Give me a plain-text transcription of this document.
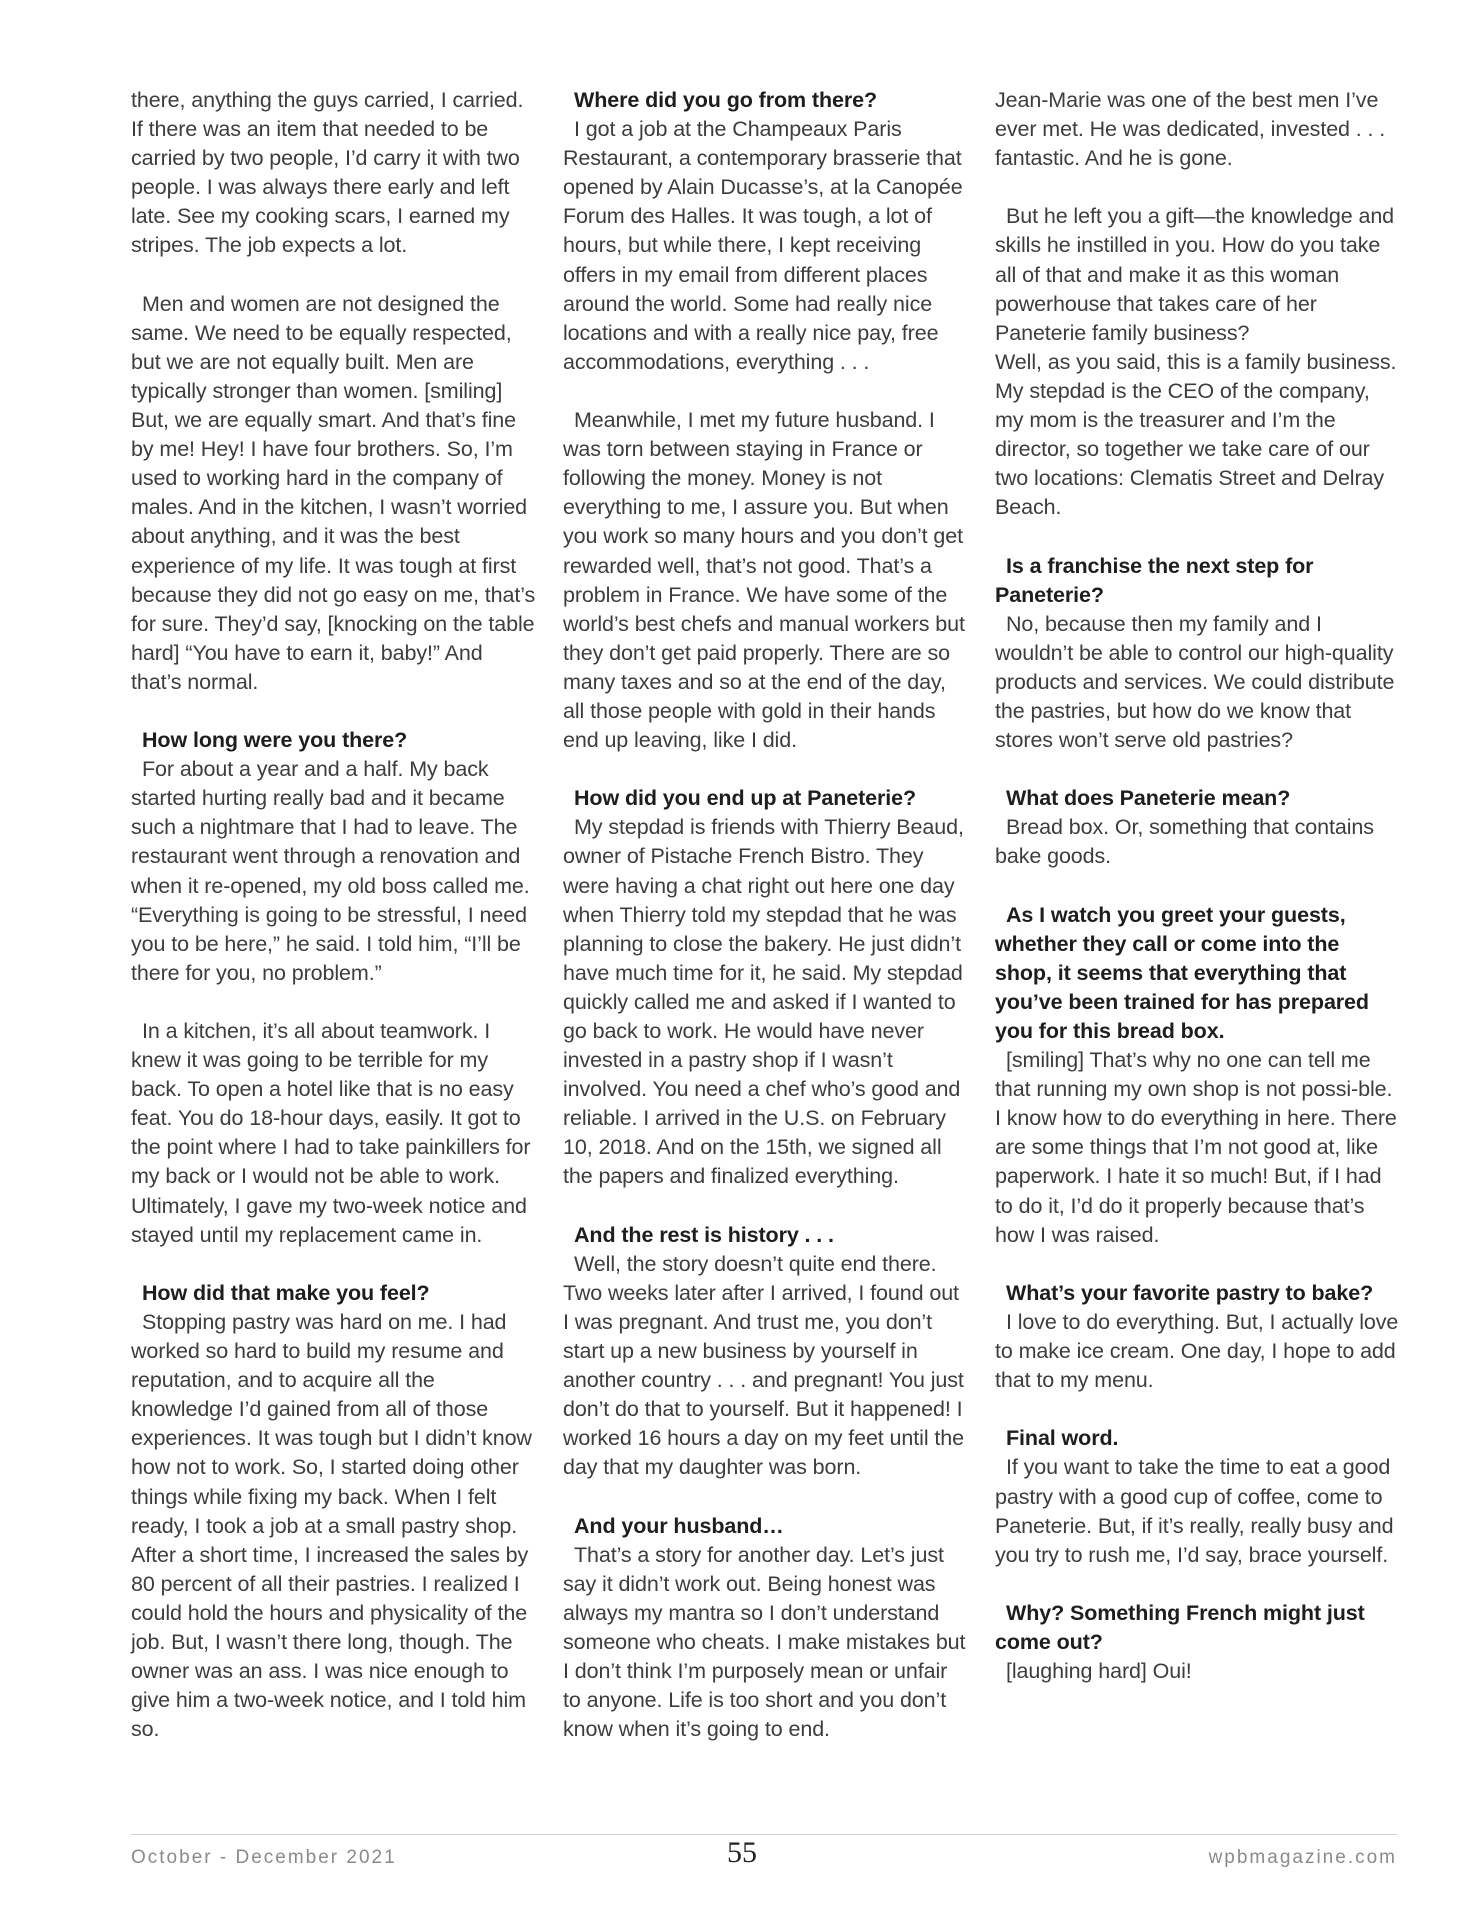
there, anything the guys carried, I carried. If there was an item that needed to be carried by two people, I’d carry it with two people. I was always there early and left late. See my cooking scars, I earned my stripes. The job expects a lot.

Men and women are not designed the same. We need to be equally respected, but we are not equally built. Men are typically stronger than women. [smiling] But, we are equally smart. And that’s fine by me! Hey! I have four brothers. So, I’m used to working hard in the company of males. And in the kitchen, I wasn’t worried about anything, and it was the best experience of my life. It was tough at first because they did not go easy on me, that’s for sure. They’d say, [knocking on the table hard] “You have to earn it, baby!” And that’s normal.

How long were you there?

For about a year and a half. My back started hurting really bad and it became such a nightmare that I had to leave. The restaurant went through a renovation and when it re-opened, my old boss called me. “Everything is going to be stressful, I need you to be here,” he said. I told him, “I’ll be there for you, no problem.”

In a kitchen, it’s all about teamwork. I knew it was going to be terrible for my back. To open a hotel like that is no easy feat. You do 18-hour days, easily. It got to the point where I had to take painkillers for my back or I would not be able to work. Ultimately, I gave my two-week notice and stayed until my replacement came in.

How did that make you feel?

Stopping pastry was hard on me. I had worked so hard to build my resume and reputation, and to acquire all the knowledge I’d gained from all of those experiences. It was tough but I didn’t know how not to work. So, I started doing other things while fixing my back. When I felt ready, I took a job at a small pastry shop. After a short time, I increased the sales by 80 percent of all their pastries. I realized I could hold the hours and physicality of the job. But, I wasn’t there long, though. The owner was an ass. I was nice enough to give him a two-week notice, and I told him so.

Where did you go from there?

I got a job at the Champeaux Paris Restaurant, a contemporary brasserie that opened by Alain Ducasse’s, at la Canopée Forum des Halles. It was tough, a lot of hours, but while there, I kept receiving offers in my email from different places around the world. Some had really nice locations and with a really nice pay, free accommodations, everything . . .

Meanwhile, I met my future husband. I was torn between staying in France or following the money. Money is not everything to me, I assure you. But when you work so many hours and you don’t get rewarded well, that’s not good. That’s a problem in France. We have some of the world’s best chefs and manual workers but they don’t get paid properly. There are so many taxes and so at the end of the day, all those people with gold in their hands end up leaving, like I did.

How did you end up at Paneterie?

My stepdad is friends with Thierry Beaud, owner of Pistache French Bistro. They were having a chat right out here one day when Thierry told my stepdad that he was planning to close the bakery. He just didn’t have much time for it, he said. My stepdad quickly called me and asked if I wanted to go back to work. He would have never invested in a pastry shop if I wasn’t involved. You need a chef who’s good and reliable. I arrived in the U.S. on February 10, 2018. And on the 15th, we signed all the papers and finalized everything.

And the rest is history . . .

Well, the story doesn’t quite end there. Two weeks later after I arrived, I found out I was pregnant. And trust me, you don’t start up a new business by yourself in another country . . . and pregnant! You just don’t do that to yourself. But it happened! I worked 16 hours a day on my feet until the day that my daughter was born.

And your husband…

That’s a story for another day. Let’s just say it didn’t work out. Being honest was always my mantra so I don’t understand someone who cheats. I make mistakes but I don’t think I’m purposely mean or unfair to anyone. Life is too short and you don’t know when it’s going to end.

Jean-Marie was one of the best men I’ve ever met. He was dedicated, invested . . . fantastic. And he is gone.

But he left you a gift—the knowledge and skills he instilled in you. How do you take all of that and make it as this woman powerhouse that takes care of her Paneterie family business?

Well, as you said, this is a family business. My stepdad is the CEO of the company, my mom is the treasurer and I’m the director, so together we take care of our two locations: Clematis Street and Delray Beach.

Is a franchise the next step for Paneterie?

No, because then my family and I wouldn’t be able to control our high-quality products and services. We could distribute the pastries, but how do we know that stores won’t serve old pastries?

What does Paneterie mean?

Bread box. Or, something that contains bake goods.

As I watch you greet your guests, whether they call or come into the shop, it seems that everything that you’ve been trained for has prepared you for this bread box.

[smiling] That’s why no one can tell me that running my own shop is not possi-ble. I know how to do everything in here. There are some things that I’m not good at, like paperwork. I hate it so much! But, if I had to do it, I’d do it properly because that’s how I was raised.

What’s your favorite pastry to bake?

I love to do everything. But, I actually love to make ice cream. One day, I hope to add that to my menu.

Final word.

If you want to take the time to eat a good pastry with a good cup of coffee, come to Paneterie. But, if it’s really, really busy and you try to rush me, I’d say, brace yourself.

Why? Something French might just come out?

[laughing hard] Oui!

October - December 2021	55	wpbmagazine.com
